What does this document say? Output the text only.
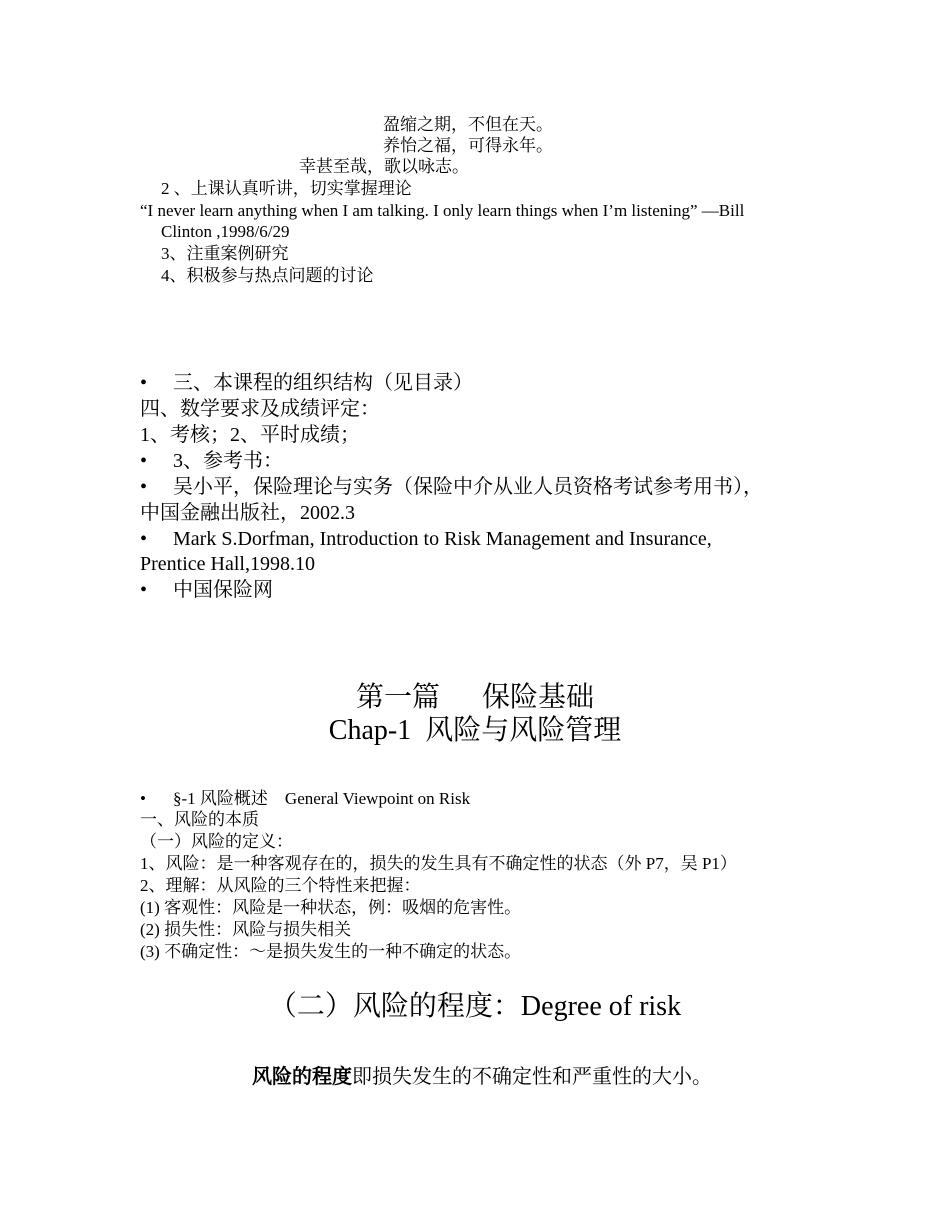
盈缩之期，不但在天。
养怡之福，可得永年。
幸甚至哉，歌以咏志。
2 、上课认真听讲，切实掌握理论
“I never learn anything when I am talking. I only learn things when I’m listening” —Bill
Clinton ,1998/6/29
3、注重案例研究
4、积极参与热点问题的讨论
• 三、本课程的组织结构（见目录）
四、数学要求及成绩评定：
1、考核；2、平时成绩；
• 3、参考书：
• 吴小平，保险理论与实务（保险中介从业人员资格考试参考用书），
中国金融出版社，2002.3
• Mark S.Dorfman, Introduction to Risk Management and Insurance,
Prentice Hall,1998.10
• 中国保险网
第一篇      保险基础
Chap-1  风险与风险管理
• §-1 风险概述    General Viewpoint on Risk
一、风险的本质
（一）风险的定义：
1、风险：是一种客观存在的，损失的发生具有不确定性的状态（外 P7，吴 P1）
2、理解：从风险的三个特性来把握：
(1) 客观性：风险是一种状态，例：吸烟的危害性。
(2) 损失性：风险与损失相关
(3) 不确定性：～是损失发生的一种不确定的状态。
（二）风险的程度：Degree of risk
风险的程度即损失发生的不确定性和严重性的大小。
